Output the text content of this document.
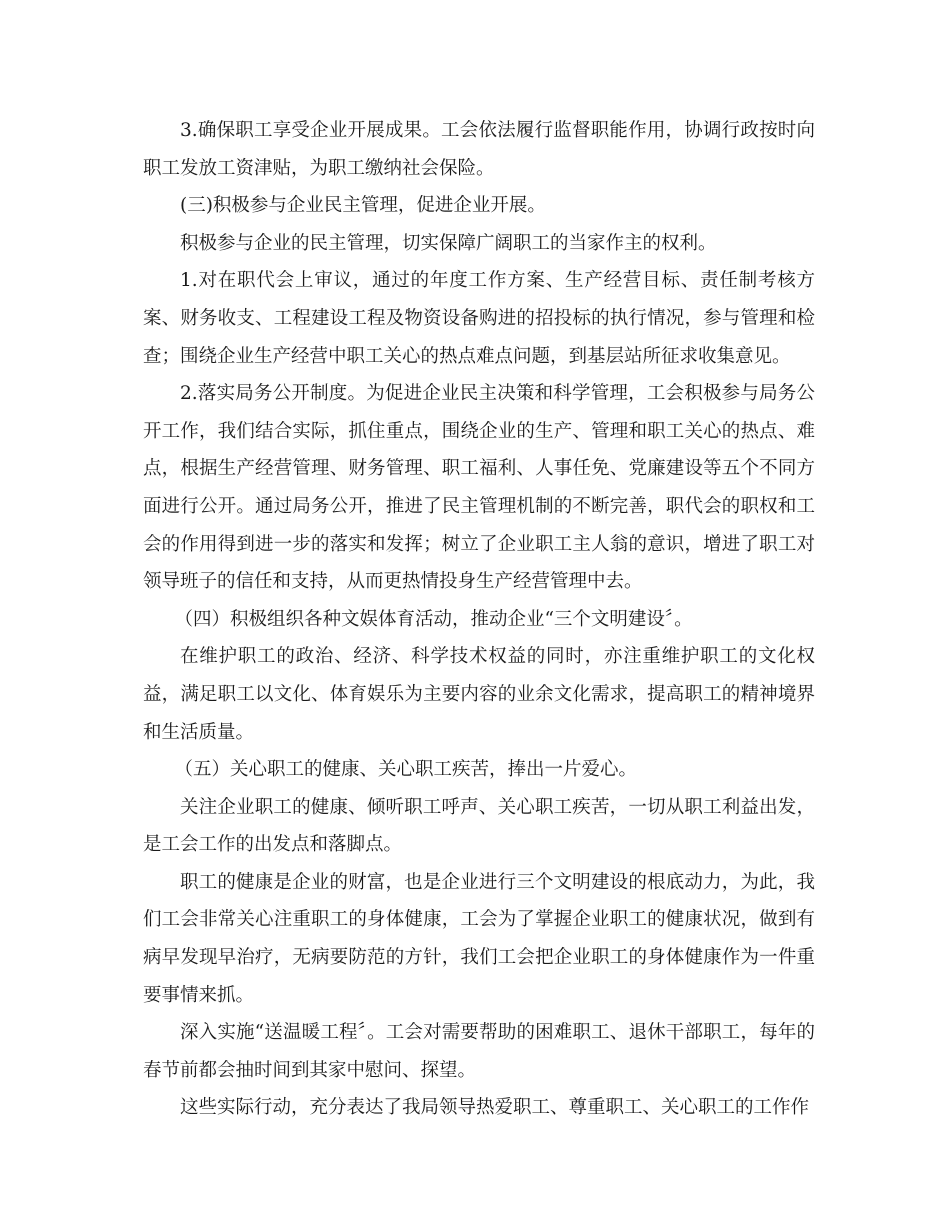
3.确保职工享受企业开展成果。工会依法履行监督职能作用，协调行政按时向职工发放工资津贴，为职工缴纳社会保险。

(三)积极参与企业民主管理，促进企业开展。

积极参与企业的民主管理，切实保障广阔职工的当家作主的权利。

1.对在职代会上审议，通过的年度工作方案、生产经营目标、责任制考核方案、财务收支、工程建设工程及物资设备购进的招投标的执行情况，参与管理和检查；围绕企业生产经营中职工关心的热点难点问题，到基层站所征求收集意见。

2.落实局务公开制度。为促进企业民主决策和科学管理，工会积极参与局务公开工作，我们结合实际，抓住重点，围绕企业的生产、管理和职工关心的热点、难点，根据生产经营管理、财务管理、职工福利、人事任免、党廉建设等五个不同方面进行公开。通过局务公开，推进了民主管理机制的不断完善，职代会的职权和工会的作用得到进一步的落实和发挥；树立了企业职工主人翁的意识，增进了职工对领导班子的信任和支持，从而更热情投身生产经营管理中去。

（四）积极组织各种文娱体育活动，推动企业“三个文明建设〞。

在维护职工的政治、经济、科学技术权益的同时，亦注重维护职工的文化权益，满足职工以文化、体育娱乐为主要内容的业余文化需求，提高职工的精神境界和生活质量。

（五）关心职工的健康、关心职工疾苦，捧出一片爱心。

关注企业职工的健康、倾听职工呼声、关心职工疾苦，一切从职工利益出发，是工会工作的出发点和落脚点。

职工的健康是企业的财富，也是企业进行三个文明建设的根底动力，为此，我们工会非常关心注重职工的身体健康，工会为了掌握企业职工的健康状况，做到有病早发现早治疗，无病要防范的方针，我们工会把企业职工的身体健康作为一件重要事情来抓。

深入实施“送温暖工程〞。工会对需要帮助的困难职工、退休干部职工，每年的春节前都会抽时间到其家中慰问、探望。

这些实际行动，充分表达了我局领导热爱职工、尊重职工、关心职工的工作作
